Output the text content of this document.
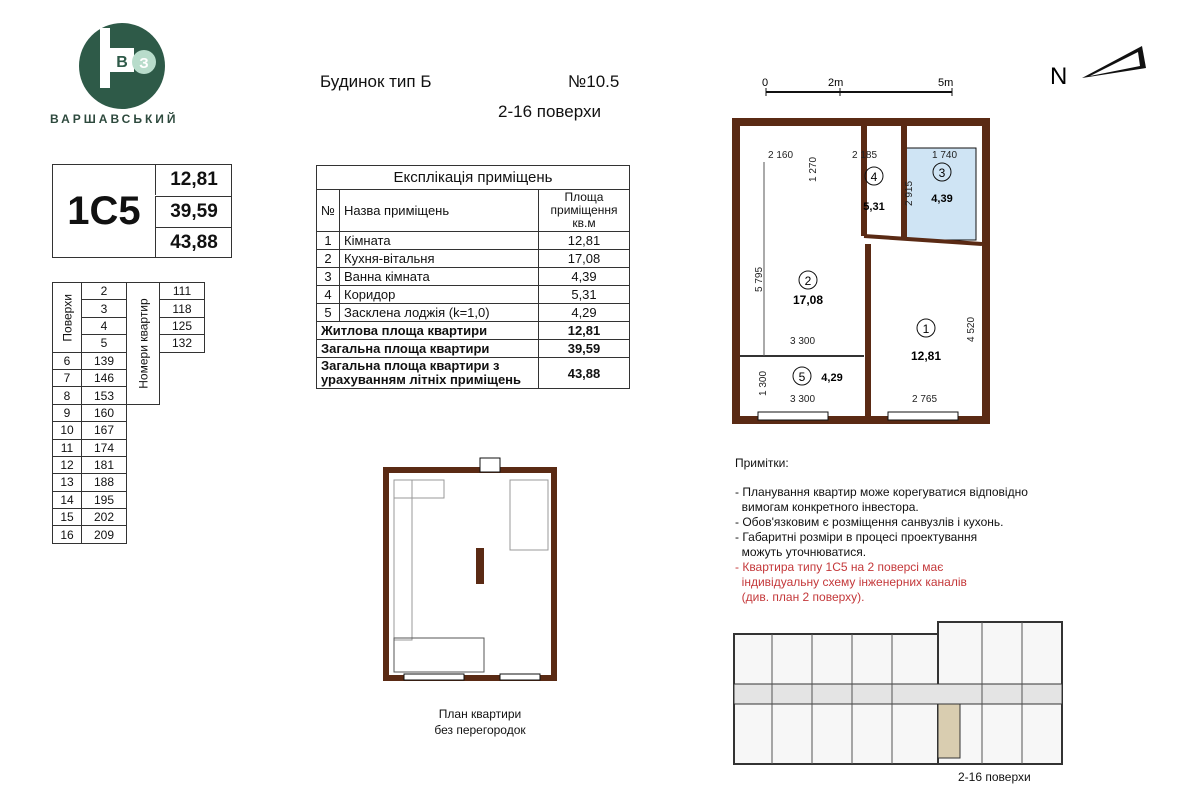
В З
ВАРШАВСЬКИЙ
1С5
12,81
39,59
43,88
Поверхи	2	Номери квартир	111
	3		118
	4		125
	5		132
6	139		
7	146		
8	153		
9	160		
10	167		
11	174		
12	181		
13	188		
14	195		
15	202		
16	209		
Будинок тип Б	№10.5
2-16 поверхи
Експлікація приміщень		
№	Назва приміщень	Площа приміщення кв.м
1	Кімната	12,81
2	Кухня-вітальня	17,08
3	Ванна кімната	4,39
4	Коридор	5,31
5	Засклена лоджія (k=1,0)	4,29
Житлова площа квартири		12,81
Загальна площа квартири		39,59
Загальна площа квартири з урахуванням літніх приміщень		43,88
N
0	2m	5m
2
17,08
1
12,81
3
4,39
4
5,31
5 4,29
2 160	2 185	1 740
2 915
1 270
5 795
3 300	4 520
1 300
3 300	2 765
План квартири
без перегородок
Примітки:
- Планування квартир може корегуватися відповідно
вимогам конкретного інвестора.
- Обов'язковим є розміщення санвузлів і кухонь.
- Габаритні розміри в процесі проектування
можуть уточнюватися.
- Квартира типу 1С5 на 2 поверсі має
індивідуальну схему інженерних каналів
(див. план 2 поверху).
2-16 поверхи
